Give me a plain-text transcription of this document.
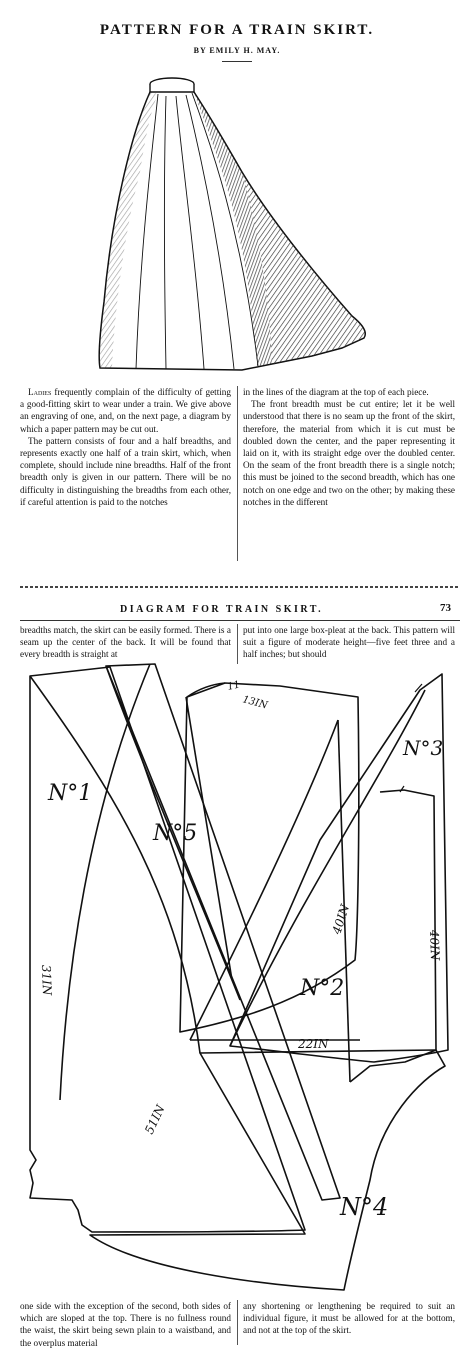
PATTERN FOR A TRAIN SKIRT.
BY EMILY H. MAY.

Ladies frequently complain of the difficulty of getting a good-fitting skirt to wear under a train. We give above an engraving of one, and, on the next page, a diagram by which a paper pattern may be cut out.

The pattern consists of four and a half breadths, and represents exactly one half of a train skirt, which, when complete, should include nine breadths. Half of the front breadth only is given in our pattern. There will be no difficulty in distinguishing the breadths from each other, if careful attention is paid to the notches

in the lines of the diagram at the top of each piece.

The front breadth must be cut entire; let it be well understood that there is no seam up the front of the skirt, therefore, the material from which it is cut must be doubled down the center, and the paper representing it laid on it, with its straight edge over the doubled center. On the seam of the front breadth there is a single notch; this must be joined to the second breadth, which has one notch on one edge and two on the other; by making these notches in the different

DIAGRAM FOR TRAIN SKIRT.	73
breadths match, the skirt can be easily formed. There is a seam up the center of the back. It will be found that every breadth is straight at
put into one large box-pleat at the back. This pattern will suit a figure of moderate height—five feet three and a half inches; but should
N°1
N°5
N°3
N°2
N°4
31IN
51IN
40IN
40IN
22IN
13IN
11
one side with the exception of the second, both sides of which are sloped at the top. There is no fullness round the waist, the skirt being sewn plain to a waistband, and the overplus material
any shortening or lengthening be required to suit an individual figure, it must be allowed for at the bottom, and not at the top of the skirt.
